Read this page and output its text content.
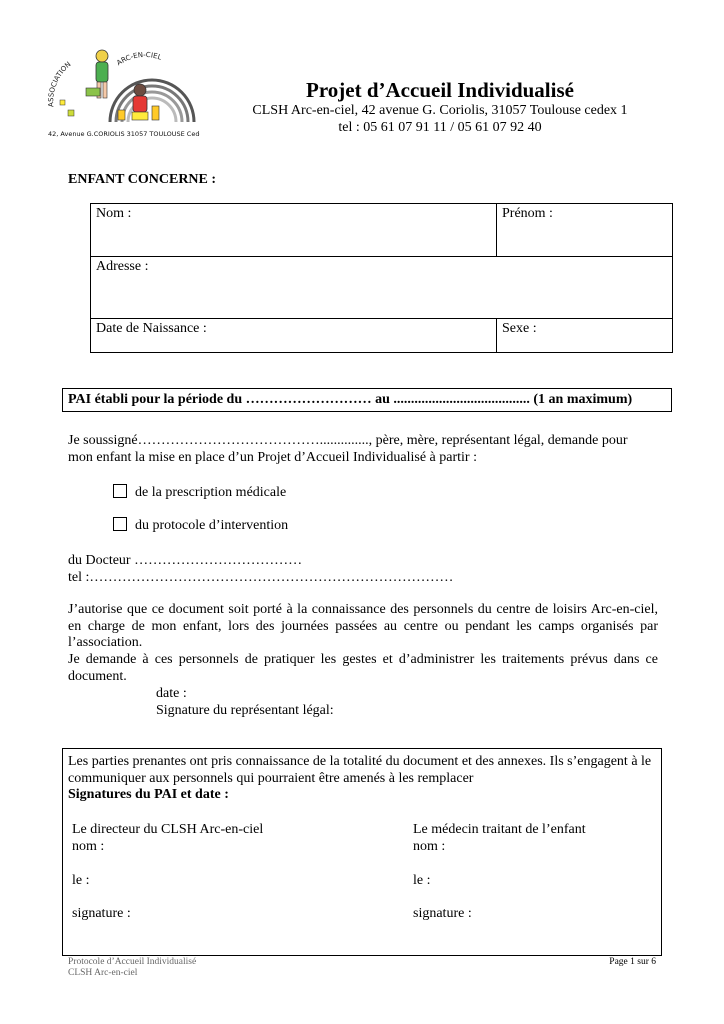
ARC-EN-CIEL
ASSOCIATION
42, Avenue G.CORIOLIS 31057 TOULOUSE Cedex
Projet d’Accueil Individualisé
CLSH Arc-en-ciel, 42 avenue G. Coriolis, 31057 Toulouse cedex 1
tel : 05 61 07 91 11 / 05 61 07 92 40
ENFANT CONCERNE :
Nom :	Prénom :
Adresse :	
Date de Naissance :	Sexe :
PAI établi pour la période du ……………………… au ....................................... (1 an maximum)
Je soussigné………………………………….............., père, mère, représentant légal, demande pour
mon enfant la mise en place d’un Projet d’Accueil Individualisé à partir :
de la prescription médicale
du protocole d’intervention
du Docteur ………………………………
tel :……………………………………………………………………
J’autorise que ce document soit porté à la connaissance des personnels du centre de loisirs Arc-en-ciel, en charge de mon enfant, lors des journées passées au centre ou pendant les camps organisés par l’association.
Je demande à ces personnels de pratiquer les gestes et d’administrer les traitements prévus dans ce document.
date :
Signature du représentant légal:
Les parties prenantes ont pris connaissance de la totalité du document et des annexes. Ils s’engagent à le communiquer aux personnels qui pourraient être amenés à les remplacer
Signatures du PAI et date :
Le directeur du CLSH Arc-en-ciel
nom :
le :
signature :
Le médecin traitant de l’enfant
nom :
le :
signature :
Protocole d’Accueil Individualisé
CLSH Arc-en-ciel
Page 1 sur 6
